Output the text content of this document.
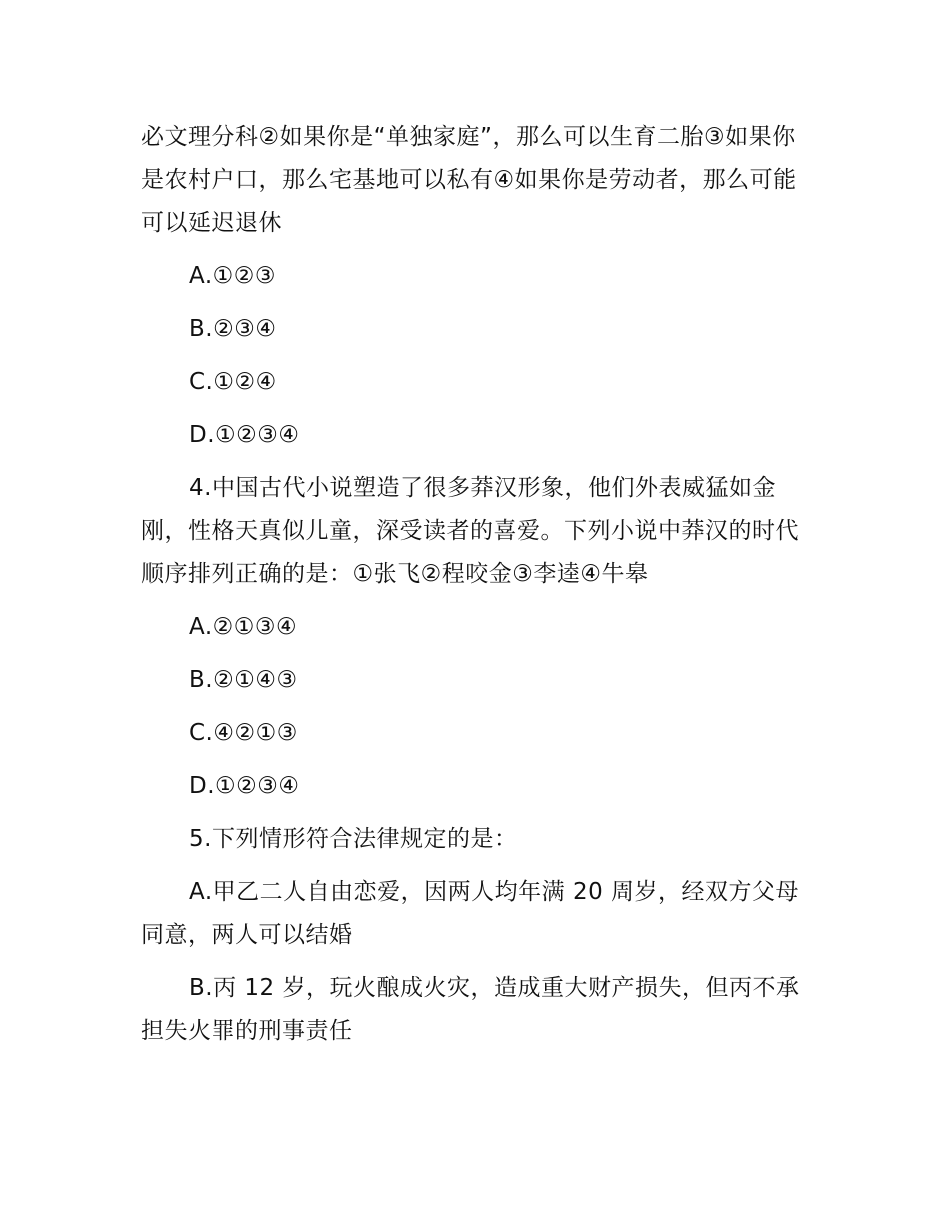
必文理分科②如果你是“单独家庭”，那么可以生育二胎③如果你是农村户口，那么宅基地可以私有④如果你是劳动者，那么可能可以延迟退休

A.①②③

B.②③④

C.①②④

D.①②③④

4.中国古代小说塑造了很多莽汉形象，他们外表威猛如金刚，性格天真似儿童，深受读者的喜爱。下列小说中莽汉的时代顺序排列正确的是：①张飞②程咬金③李逵④牛皋

A.②①③④

B.②①④③

C.④②①③

D.①②③④

5.下列情形符合法律规定的是：

A.甲乙二人自由恋爱，因两人均年满 20 周岁，经双方父母同意，两人可以结婚

B.丙 12 岁，玩火酿成火灾，造成重大财产损失，但丙不承担失火罪的刑事责任
